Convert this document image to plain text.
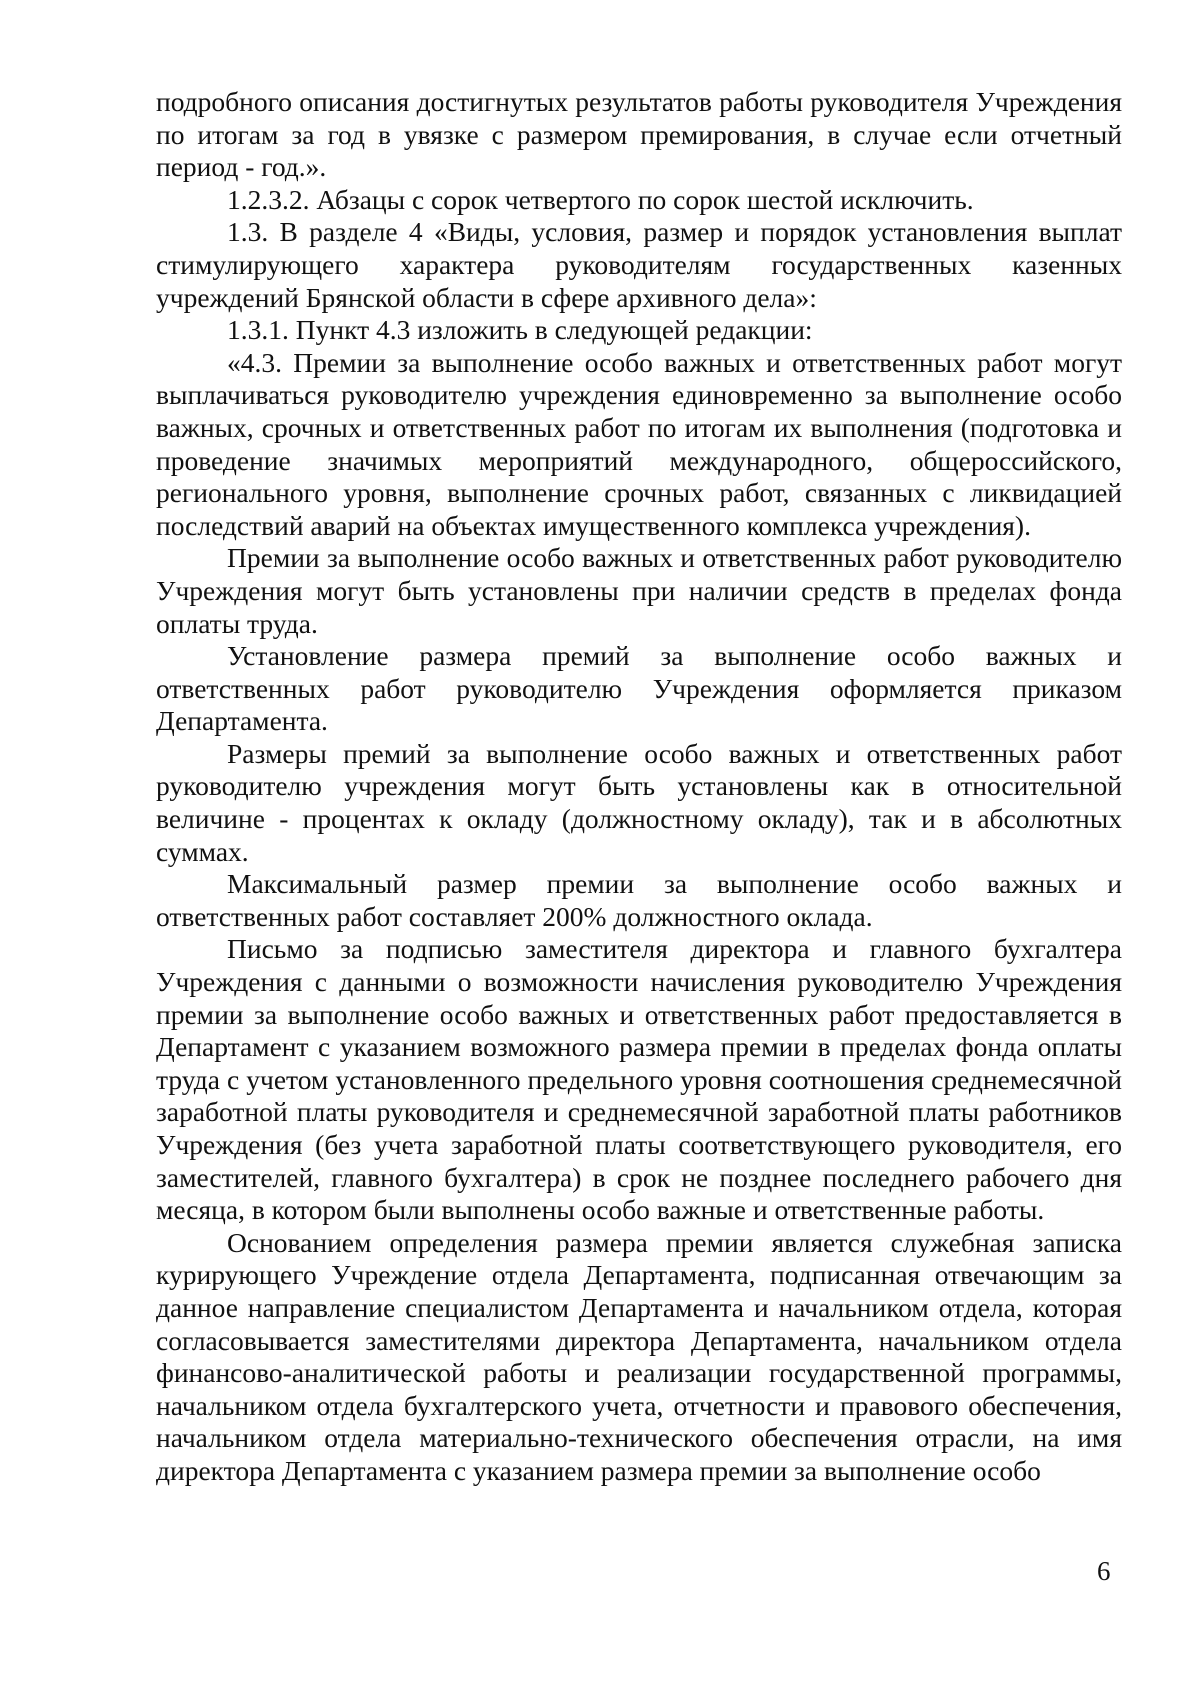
подробного описания достигнутых результатов работы руководителя Учреждения по итогам за год в увязке с размером премирования, в случае если отчетный период - год.».

1.2.3.2. Абзацы с сорок четвертого по сорок шестой исключить.

1.3. В разделе 4 «Виды, условия, размер и порядок установления выплат стимулирующего характера руководителям государственных казенных учреждений Брянской области в сфере архивного дела»:

1.3.1. Пункт 4.3 изложить в следующей редакции:

«4.3. Премии за выполнение особо важных и ответственных работ могут выплачиваться руководителю учреждения единовременно за выполнение особо важных, срочных и ответственных работ по итогам их выполнения (подготовка и проведение значимых мероприятий международного, общероссийского, регионального уровня, выполнение срочных работ, связанных с ликвидацией последствий аварий на объектах имущественного комплекса учреждения).

Премии за выполнение особо важных и ответственных работ руководителю Учреждения могут быть установлены при наличии средств в пределах фонда оплаты труда.

Установление размера премий за выполнение особо важных и ответственных работ руководителю Учреждения оформляется приказом Департамента.

Размеры премий за выполнение особо важных и ответственных работ руководителю учреждения могут быть установлены как в относительной величине - процентах к окладу (должностному окладу), так и в абсолютных суммах.

Максимальный размер премии за выполнение особо важных и ответственных работ составляет 200% должностного оклада.

Письмо за подписью заместителя директора и главного бухгалтера Учреждения с данными о возможности начисления руководителю Учреждения премии за выполнение особо важных и ответственных работ предоставляется в Департамент с указанием возможного размера премии в пределах фонда оплаты труда с учетом установленного предельного уровня соотношения среднемесячной заработной платы руководителя и среднемесячной заработной платы работников Учреждения (без учета заработной платы соответствующего руководителя, его заместителей, главного бухгалтера) в срок не позднее последнего рабочего дня месяца, в котором были выполнены особо важные и ответственные работы.

Основанием определения размера премии является служебная записка курирующего Учреждение отдела Департамента, подписанная отвечающим за данное направление специалистом Департамента и начальником отдела, которая согласовывается заместителями директора Департамента, начальником отдела финансово-аналитической работы и реализации государственной программы, начальником отдела бухгалтерского учета, отчетности и правового обеспечения, начальником отдела материально-технического обеспечения отрасли, на имя директора Департамента с указанием размера премии за выполнение особо

6
